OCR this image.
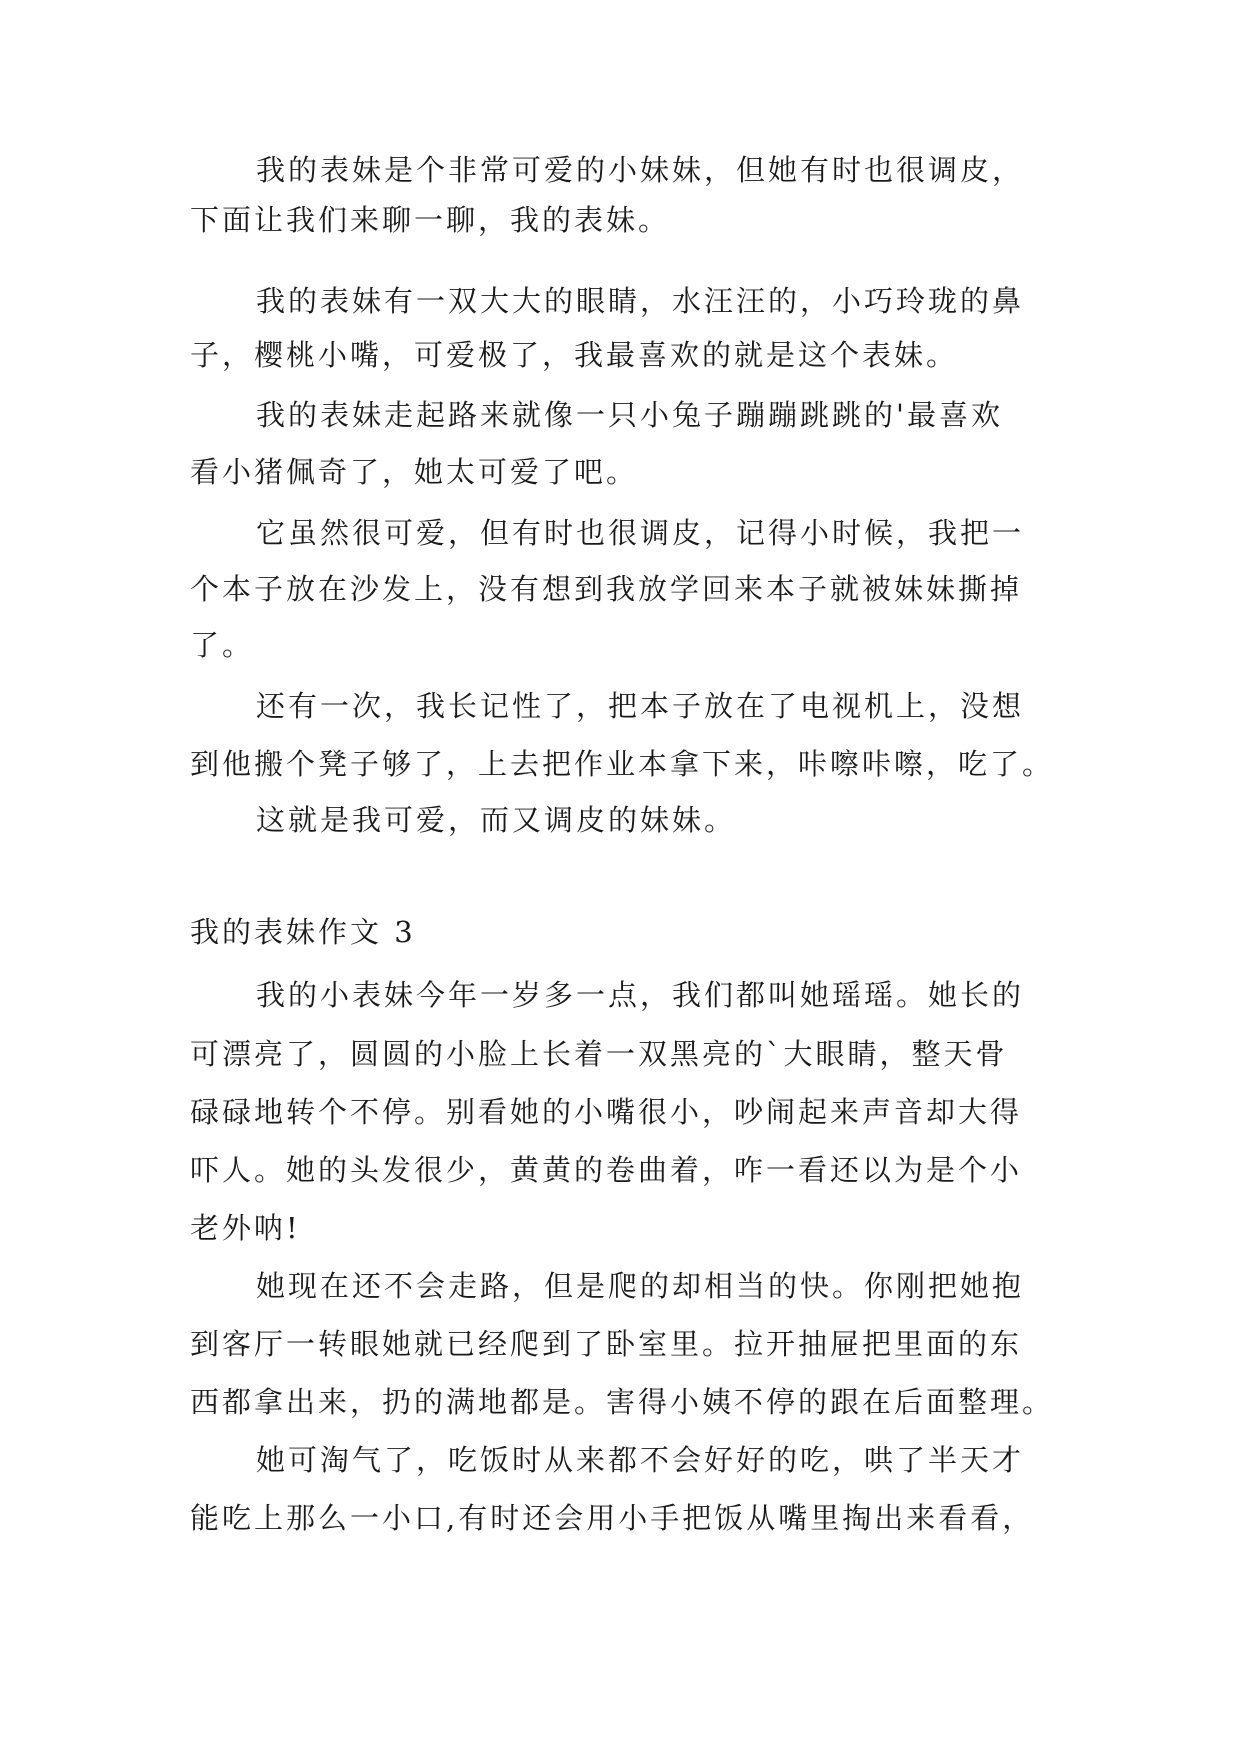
我的表妹是个非常可爱的小妹妹，但她有时也很调皮，
下面让我们来聊一聊，我的表妹。
我的表妹有一双大大的眼睛，水汪汪的，小巧玲珑的鼻
子，樱桃小嘴，可爱极了，我最喜欢的就是这个表妹。
我的表妹走起路来就像一只小兔子蹦蹦跳跳的'最喜欢
看小猪佩奇了，她太可爱了吧。
它虽然很可爱，但有时也很调皮，记得小时候，我把一
个本子放在沙发上，没有想到我放学回来本子就被妹妹撕掉
了。
还有一次，我长记性了，把本子放在了电视机上，没想
到他搬个凳子够了，上去把作业本拿下来，咔嚓咔嚓，吃了。
这就是我可爱，而又调皮的妹妹。
我的表妹作文 3
我的小表妹今年一岁多一点，我们都叫她瑶瑶。她长的
可漂亮了，圆圆的小脸上长着一双黑亮的`大眼睛，整天骨
碌碌地转个不停。别看她的小嘴很小，吵闹起来声音却大得
吓人。她的头发很少，黄黄的卷曲着，咋一看还以为是个小
老外呐!
她现在还不会走路，但是爬的却相当的快。你刚把她抱
到客厅一转眼她就已经爬到了卧室里。拉开抽屉把里面的东
西都拿出来，扔的满地都是。害得小姨不停的跟在后面整理。
她可淘气了，吃饭时从来都不会好好的吃，哄了半天才
能吃上那么一小口,有时还会用小手把饭从嘴里掏出来看看，
